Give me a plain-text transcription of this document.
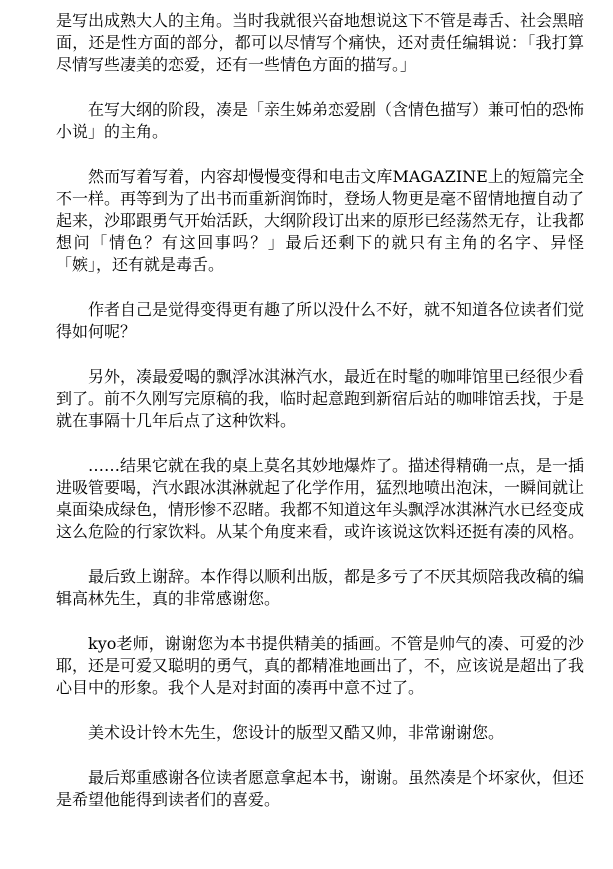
是写出成熟大人的主角。当时我就很兴奋地想说这下不管是毒舌、社会黑暗面，还是性方面的部分，都可以尽情写个痛快，还对责任编辑说：「我打算尽情写些凄美的恋爱，还有一些情色方面的描写。」

在写大纲的阶段，凑是「亲生姊弟恋爱剧（含情色描写）兼可怕的恐怖小说」的主角。

然而写着写着，内容却慢慢变得和电击文库MAGAZINE上的短篇完全不一样。再等到为了出书而重新润饰时，登场人物更是毫不留情地擅自动了起来，沙耶跟勇气开始活跃，大纲阶段订出来的原形已经荡然无存，让我都想问「情色？有这回事吗？」最后还剩下的就只有主角的名字、异怪「嫉」，还有就是毒舌。

作者自己是觉得变得更有趣了所以没什么不好，就不知道各位读者们觉得如何呢？

另外，凑最爱喝的飘浮冰淇淋汽水，最近在时髦的咖啡馆里已经很少看到了。前不久刚写完原稿的我，临时起意跑到新宿后站的咖啡馆丢找，于是就在事隔十几年后点了这种饮料。

……结果它就在我的桌上莫名其妙地爆炸了。描述得精确一点，是一插进吸管要喝，汽水跟冰淇淋就起了化学作用，猛烈地喷出泡沫，一瞬间就让桌面染成绿色，情形惨不忍睹。我都不知道这年头飘浮冰淇淋汽水已经变成这么危险的行家饮料。从某个角度来看，或许该说这饮料还挺有凑的风格。

最后致上谢辞。本作得以顺利出版，都是多亏了不厌其烦陪我改稿的编辑高林先生，真的非常感谢您。

kyo老师，谢谢您为本书提供精美的插画。不管是帅气的凑、可爱的沙耶，还是可爱又聪明的勇气，真的都精准地画出了，不，应该说是超出了我心目中的形象。我个人是对封面的凑再中意不过了。

美术设计铃木先生，您设计的版型又酷又帅，非常谢谢您。

最后郑重感谢各位读者愿意拿起本书，谢谢。虽然凑是个坏家伙，但还是希望他能得到读者们的喜爱。
